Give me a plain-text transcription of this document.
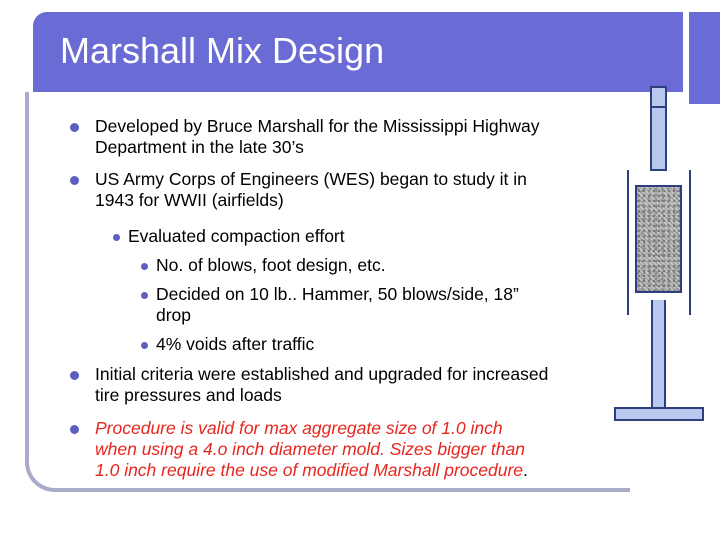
Marshall Mix Design
Developed by Bruce Marshall for the Mississippi Highway
Department in the late 30’s
US Army Corps of Engineers (WES) began to study it in
1943 for WWII (airfields)
Evaluated compaction effort
No. of blows, foot design, etc.
Decided on 10 lb.. Hammer, 50 blows/side, 18”
drop
4% voids after traffic
Initial criteria were established and upgraded for increased
tire pressures and loads
Procedure is valid for max aggregate size of 1.0 inch
when using a 4.o inch diameter mold. Sizes bigger than
1.0 inch require the use of modified Marshall procedure.
